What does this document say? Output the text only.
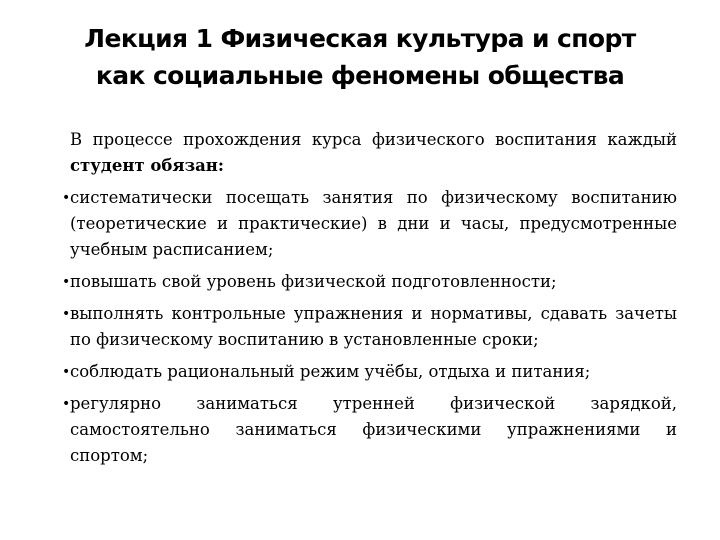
Лекция 1 Физическая культура и спорт
как социальные феномены общества

В процессе прохождения курса физического воспитания каждый студент обязан:

• систематически посещать занятия по физическому воспитанию (теоретические и практические) в дни и часы, предусмотренные учебным расписанием;
• повышать свой уровень физической подготовленности;
• выполнять контрольные упражнения и нормативы, сдавать зачеты по физическому воспитанию в установленные сроки;
• соблюдать рациональный режим учёбы, отдыха и питания;
• регулярно заниматься утренней физической зарядкой, самостоятельно заниматься физическими упражнениями и спортом;
